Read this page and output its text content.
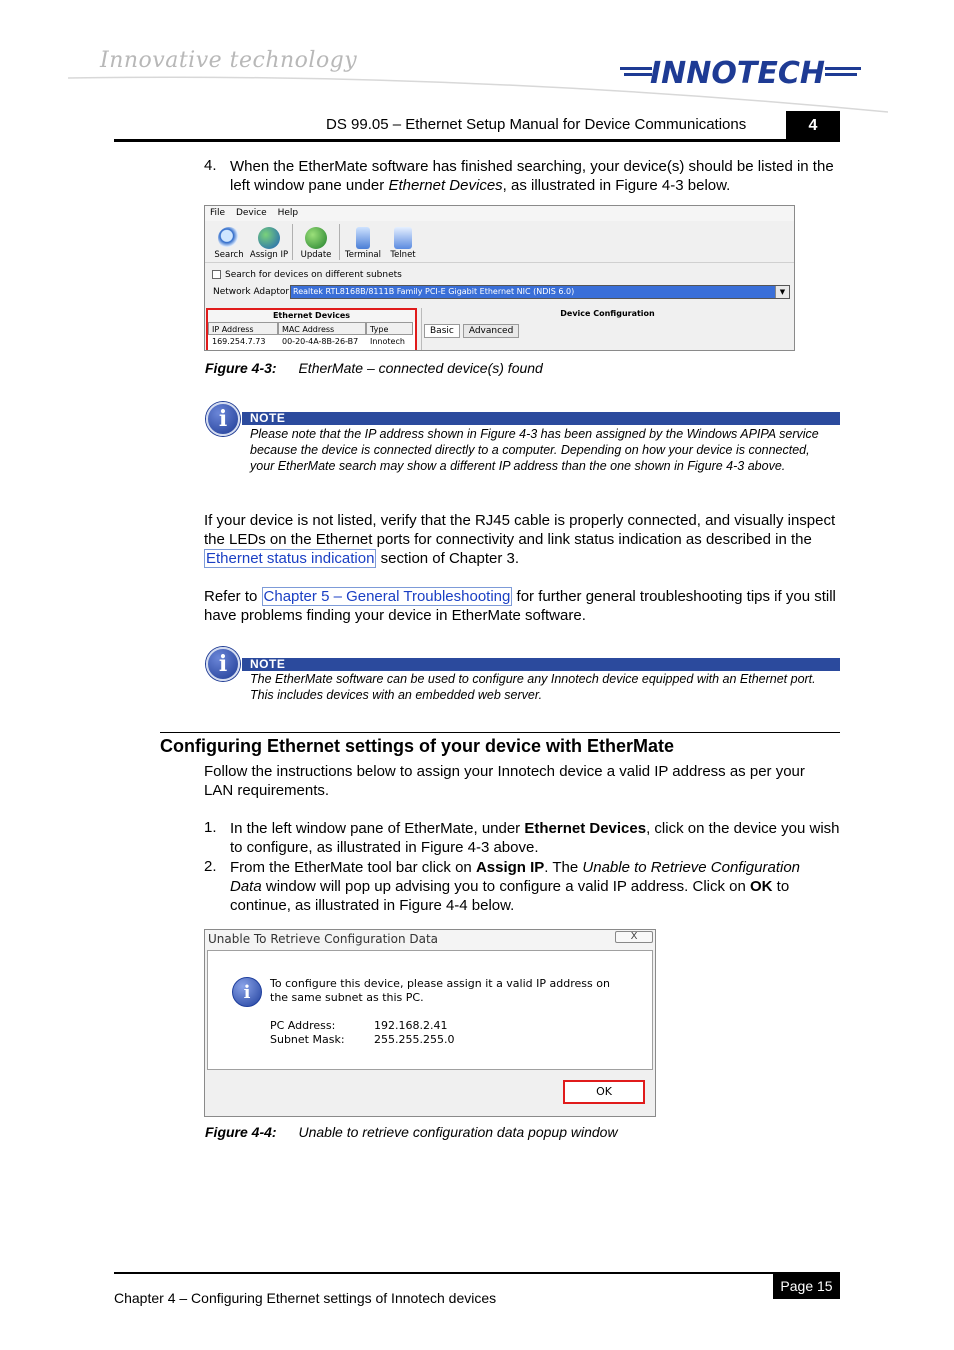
Innovative technology	INNOTECH
DS 99.05 – Ethernet Setup Manual for Device Communications	4
4. When the EtherMate software has finished searching, your device(s) should be listed in the left window pane under Ethernet Devices, as illustrated in Figure 4-3 below.
File Device Help
Search Assign IP	Update	Terminal	Telnet
Search for devices on different subnets
Network Adaptor Realtek RTL8168B/8111B Family PCI-E Gigabit Ethernet NIC (NDIS 6.0)	▼
Ethernet Devices
IP Address	MAC Address	Type
169.254.7.73	00-20-4A-8B-26-B7	Innotech
Device Configuration
Basic	Advanced
Figure 4-3: EtherMate – connected device(s) found
i	NOTE
Please note that the IP address shown in Figure 4-3 has been assigned by the Windows APIPA service because the device is connected directly to a computer. Depending on how your device is connected, your EtherMate search may show a different IP address than the one shown in Figure 4-3 above.
If your device is not listed, verify that the RJ45 cable is properly connected, and visually inspect the LEDs on the Ethernet ports for connectivity and link status indication as described in the Ethernet status indication section of Chapter 3.
Refer to Chapter 5 – General Troubleshooting for further general troubleshooting tips if you still have problems finding your device in EtherMate software.
i	NOTE
The EtherMate software can be used to configure any Innotech device equipped with an Ethernet port. This includes devices with an embedded web server.
Configuring Ethernet settings of your device with EtherMate
Follow the instructions below to assign your Innotech device a valid IP address as per your LAN requirements.
1. In the left window pane of EtherMate, under Ethernet Devices, click on the device you wish to configure, as illustrated in Figure 4-3 above.
2. From the EtherMate tool bar click on Assign IP. The Unable to Retrieve Configuration Data window will pop up advising you to configure a valid IP address. Click on OK to continue, as illustrated in Figure 4-4 below.
Unable To Retrieve Configuration Data	X
i	To configure this device, please assign it a valid IP address on the same subnet as this PC.
PC Address:	192.168.2.41
Subnet Mask:	255.255.255.0
OK
Figure 4-4: Unable to retrieve configuration data popup window
Page 15
Chapter 4 – Configuring Ethernet settings of Innotech devices
